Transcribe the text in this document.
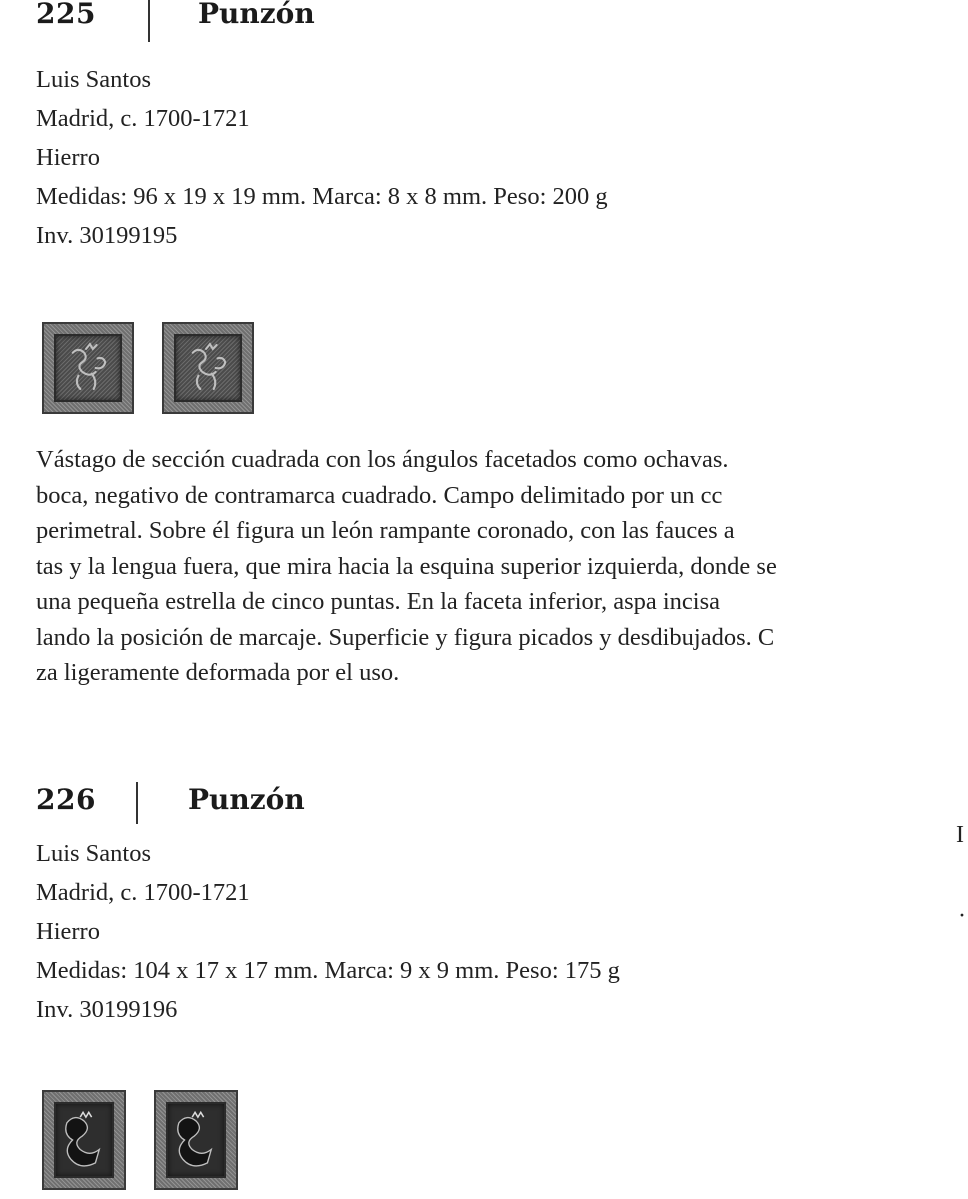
225	Punzón
Luis Santos
Madrid, c. 1700-1721
Hierro
Medidas: 96 x 19 x 19 mm. Marca: 8 x 8 mm. Peso: 200 g
Inv. 30199195
Vástago de sección cuadrada con los ángulos facetados como ochavas.
boca, negativo de contramarca cuadrado. Campo delimitado por un cc
perimetral. Sobre él figura un león rampante coronado, con las fauces a
tas y la lengua fuera, que mira hacia la esquina superior izquierda, donde se
una pequeña estrella de cinco puntas. En la faceta inferior, aspa incisa
lando la posición de marcaje. Superficie y figura picados y desdibujados. C
za ligeramente deformada por el uso.
226	Punzón
Luis Santos
Madrid, c. 1700-1721
Hierro
Medidas: 104 x 17 x 17 mm. Marca: 9 x 9 mm. Peso: 175 g
Inv. 30199196
I
·
